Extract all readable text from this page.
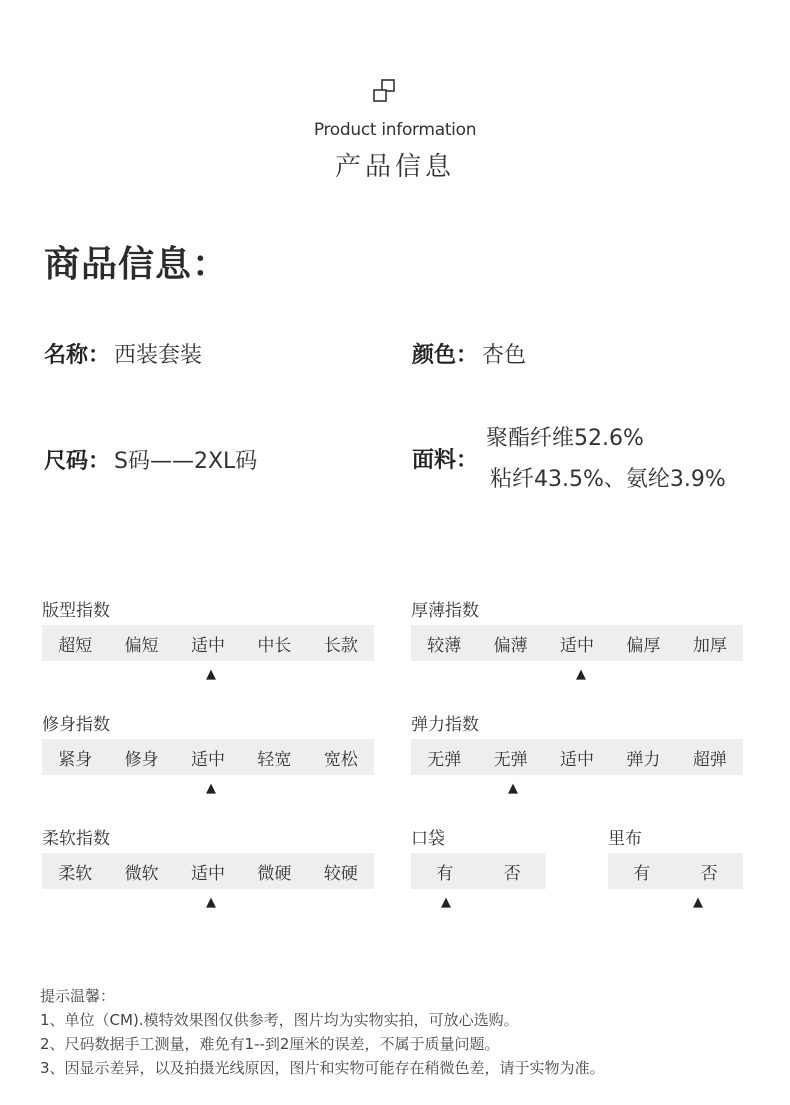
Product information
产品信息
商品信息：
名称： 西装套装	颜色： 杏色
尺码： S码——2XL码	面料：
聚酯纤维52.6%
粘纤43.5%、氨纶3.9%
版型指数
超短	偏短	适中	中长	长款
▲
厚薄指数
较薄	偏薄	适中	偏厚	加厚
▲
修身指数
紧身	修身	适中	轻宽	宽松
▲
弹力指数
无弹	无弹	适中	弹力	超弹
▲
柔软指数
柔软	微软	适中	微硬	较硬
▲
口袋
有	否
▲
里布
有	否
▲
提示温馨：
1、单位（CM).模特效果图仅供参考，图片均为实物实拍，可放心选购。
2、尺码数据手工测量，难免有1--到2厘米的误差，不属于质量问题。
3、因显示差异，以及拍摄光线原因，图片和实物可能存在稍微色差，请于实物为准。
